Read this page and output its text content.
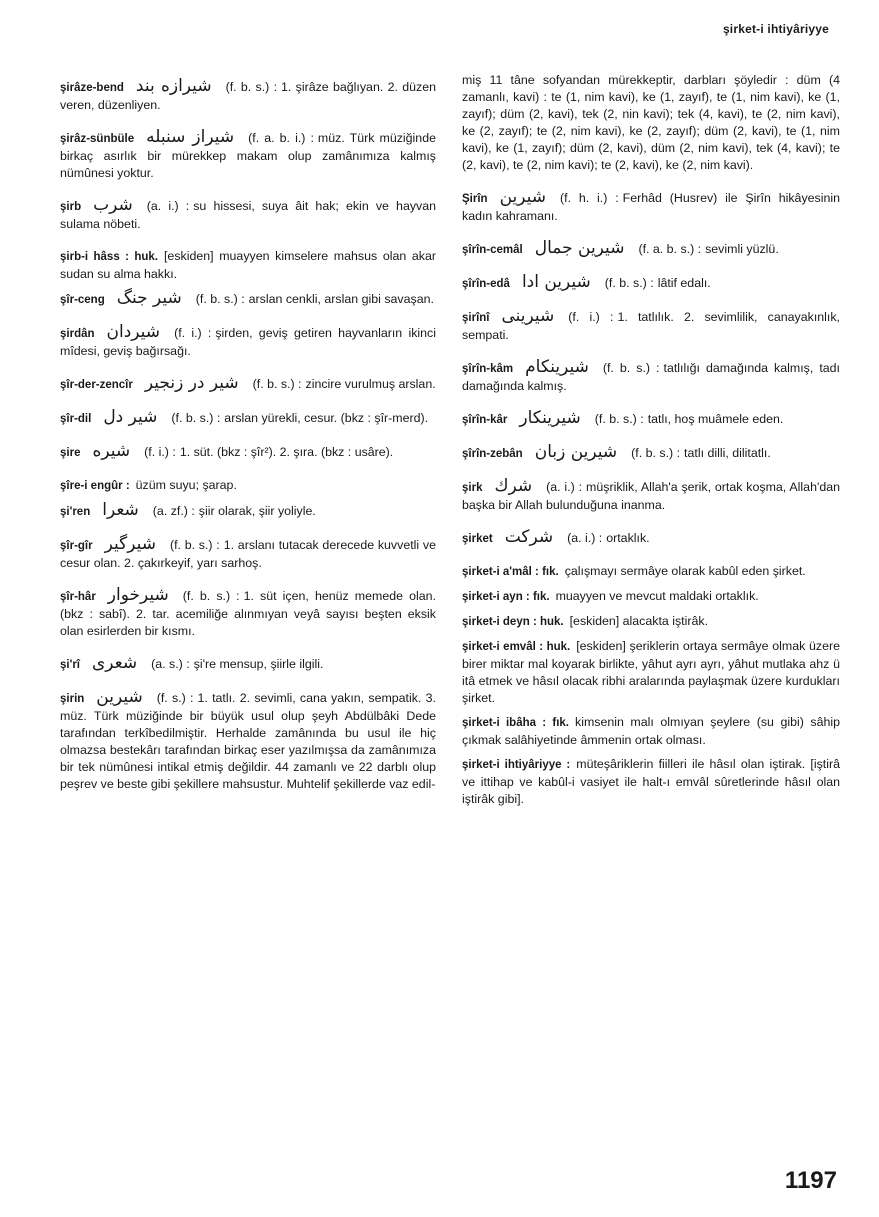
şirket-i ihtiyâriyye

şirâze-bend شيرازه بند (f. b. s.) : 1. şirâze bağlıyan. 2. düzen veren, düzenliyen.

şirâz-sünbüle شيراز سنبله (f. a. b. i.) : müz. Türk müziğinde birkaç asırlık bir mürekkep makam olup zamânımıza kalmış nümûnesi yoktur.

şirb شرب (a. i.) : su hissesi, suya âit hak; ekin ve hayvan sulama nöbeti.

şirb-i hâss : huk. [eskiden] muayyen kimselere mahsus olan akar sudan su alma hakkı.

şîr-ceng شير جنگ (f. b. s.) : arslan cenkli, arslan gibi savaşan.

şirdân شيردان (f. i.) : şirden, geviş getiren hayvanların ikinci mîdesi, geviş bağırsağı.

şîr-der-zencîr شير در زنجير (f. b. s.) : zincire vurulmuş arslan.

şîr-dil شير دل (f. b. s.) : arslan yürekli, cesur. (bkz : şîr-merd).

şire شيره (f. i.) : 1. süt. (bkz : şîr²). 2. şıra. (bkz : usâre).

şîre-i engûr : üzüm suyu; şarap.

şi'ren شعرا (a. zf.) : şiir olarak, şiir yoliyle.

şîr-gîr شيرگير (f. b. s.) : 1. arslanı tutacak derecede kuvvetli ve cesur olan. 2. çakırkeyif, yarı sarhoş.

şîr-hâr شيرخوار (f. b. s.) : 1. süt içen, henüz memede olan. (bkz : sabî). 2. tar. acemiliğe alınmıyan veyâ sayısı beşten eksik olan esirlerden bir kısmı.

şi'rî شعرى (a. s.) : şi're mensup, şiirle ilgili.

şirin شيرين (f. s.) : 1. tatlı. 2. sevimli, cana yakın, sempatik. 3. müz. Türk müziğinde bir büyük usul olup şeyh Abdülbâki Dede tarafından terkîbedilmiştir. Herhalde zamânında bu usul ile hiç olmazsa bestekârı tarafından birkaç eser yazılmışsa da zamânımıza bir tek nümûnesi intikal etmiş değildir. 44 zamanlı ve 22 darblı olup peşrev ve beste gibi şekillere mahsustur. Muhtelif şekillerde vaz edil-

miş 11 tâne sofyandan mürekkeptir, darbları şöyledir : düm (4 zamanlı, kavi) : te (1, nim kavi), ke (1, zayıf), te (1, nim kavi), ke (1, zayıf); düm (2, kavi), tek (2, nin kavi); tek (4, kavi), te (2, nim kavi), ke (2, zayıf); te (2, nim kavi), ke (2, zayıf); düm (2, kavi), te (1, nim kavi), ke (1, zayıf); düm (2, kavi), düm (2, nim kavi), tek (4, kavi); te (2, kavi), te (2, nim kavi); te (2, kavi), ke (2, nim kavi).

Şirîn شيرين (f. h. i.) : Ferhâd (Husrev) ile Şirîn hikâyesinin kadın kahramanı.

şîrîn-cemâl شيرين جمال (f. a. b. s.) : sevimli yüzlü.

şîrîn-edâ شيرين ادا (f. b. s.) : lâtif edalı.

şirînî شيرينى (f. i.) : 1. tatlılık. 2. sevimlilik, canayakınlık, sempati.

şîrîn-kâm شيرينكام (f. b. s.) : tatlılığı damağında kalmış, tadı damağında kalmış.

şîrîn-kâr شيرينكار (f. b. s.) : tatlı, hoş muâmele eden.

şîrîn-zebân شيرين زبان (f. b. s.) : tatlı dilli, dilitatlı.

şirk شرك (a. i.) : müşriklik, Allah'a şerik, ortak koşma, Allah'dan başka bir Allah bulunduğuna inanma.

şirket شركت (a. i.) : ortaklık.

şirket-i a'mâl : fık. çalışmayı sermâye olarak kabûl eden şirket.

şirket-i ayn : fık. muayyen ve mevcut maldaki ortaklık.

şirket-i deyn : huk. [eskiden] alacakta iştirâk.

şirket-i emvâl : huk. [eskiden] şeriklerin ortaya sermâye olmak üzere birer miktar mal koyarak birlikte, yâhut ayrı ayrı, yâhut mutlaka ahz ü itâ etmek ve hâsıl olacak ribhi aralarında paylaşmak üzere kurdukları şirket.

şirket-i ibâha : fık. kimsenin malı olmıyan şeylere (su gibi) sâhip çıkmak salâhiyetinde âmmenin ortak olması.

şirket-i ihtiyâriyye : müteşâriklerin fiilleri ile hâsıl olan iştirak. [iştirâ ve ittihap ve kabûl-i vasiyet ile halt-ı emvâl sûretlerinde hâsıl olan iştirâk gibi].

1197
